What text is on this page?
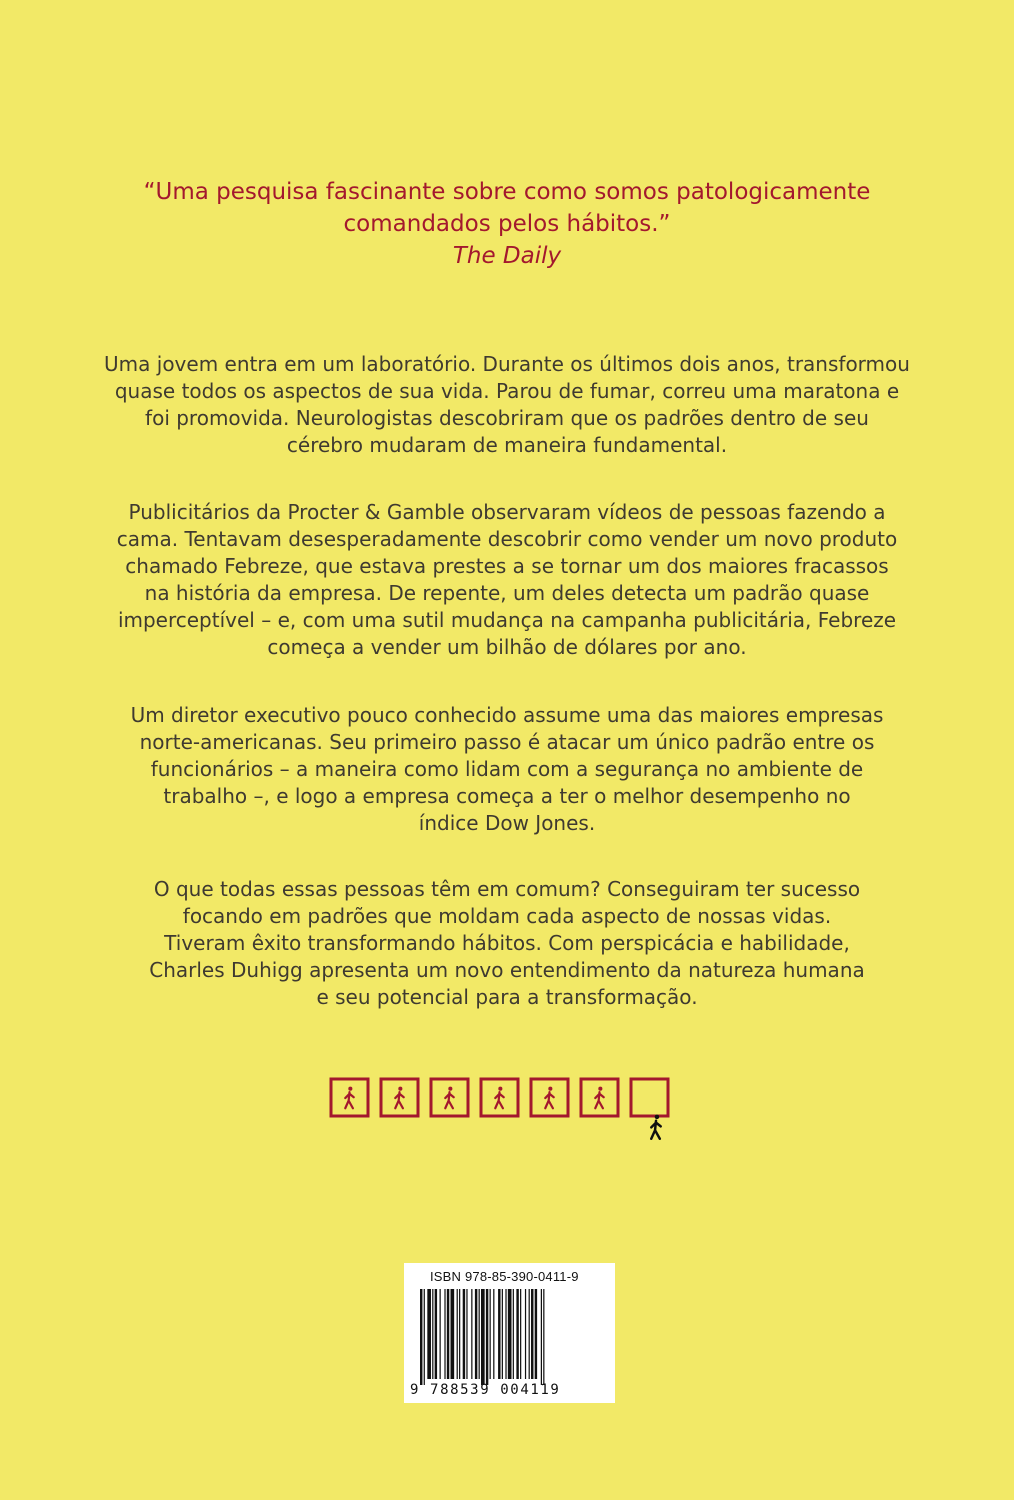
“Uma pesquisa fascinante sobre como somos patologicamente
comandados pelos hábitos.”
The Daily
Uma jovem entra em um laboratório. Durante os últimos dois anos, transformou
quase todos os aspectos de sua vida. Parou de fumar, correu uma maratona e
foi promovida. Neurologistas descobriram que os padrões dentro de seu
cérebro mudaram de maneira fundamental.
Publicitários da Procter & Gamble observaram vídeos de pessoas fazendo a
cama. Tentavam desesperadamente descobrir como vender um novo produto
chamado Febreze, que estava prestes a se tornar um dos maiores fracassos
na história da empresa. De repente, um deles detecta um padrão quase
imperceptível – e, com uma sutil mudança na campanha publicitária, Febreze
começa a vender um bilhão de dólares por ano.
Um diretor executivo pouco conhecido assume uma das maiores empresas
norte-americanas. Seu primeiro passo é atacar um único padrão entre os
funcionários – a maneira como lidam com a segurança no ambiente de
trabalho –, e logo a empresa começa a ter o melhor desempenho no
índice Dow Jones.
O que todas essas pessoas têm em comum? Conseguiram ter sucesso
focando em padrões que moldam cada aspecto de nossas vidas.
Tiveram êxito transformando hábitos. Com perspicácia e habilidade,
Charles Duhigg apresenta um novo entendimento da natureza humana
e seu potencial para a transformação.
ISBN 978-85-390-0411-9
9 788539 004119
